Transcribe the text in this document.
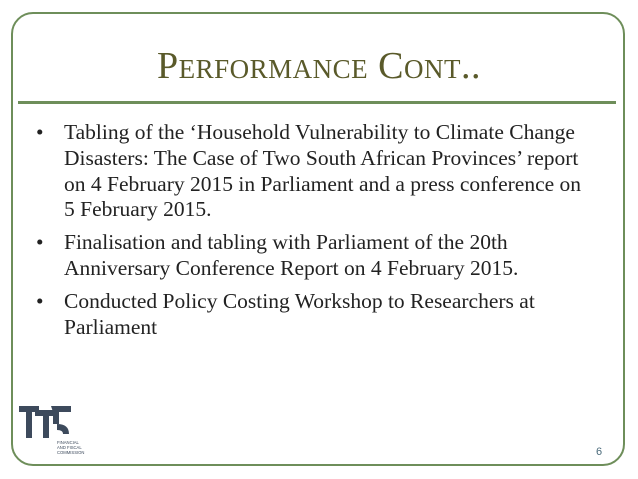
Performance Cont..
• Tabling of the ‘Household Vulnerability to Climate Change Disasters: The Case of Two South African Provinces’ report on 4 February 2015 in Parliament and a press conference on 5 February 2015.
• Finalisation and tabling with Parliament of the 20th Anniversary Conference Report on 4 February 2015.
• Conducted Policy Costing Workshop to Researchers at Parliament
FINANCIAL
AND FISCAL
COMMISSION	6
